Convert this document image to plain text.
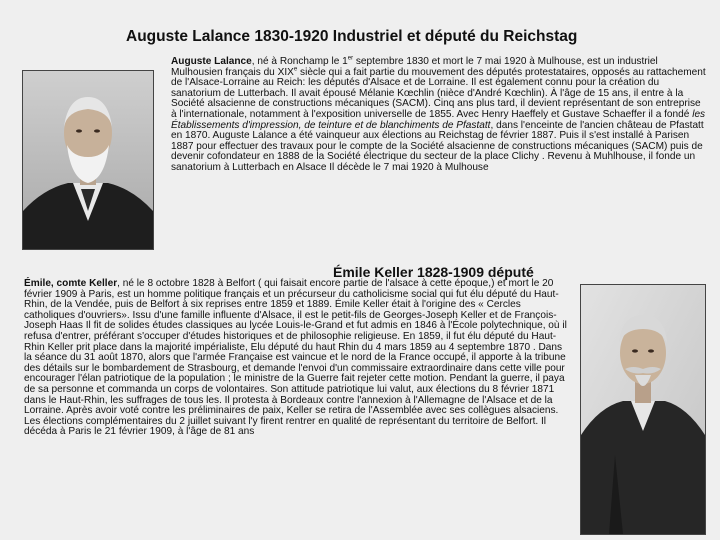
Auguste Lalance 1830-1920 Industriel et député du Reichstag

Auguste Lalance, né à Ronchamp le 1er septembre 1830 et mort le 7 mai 1920 à Mulhouse, est un industriel Mulhousien français du XIXe siècle qui a fait partie du mouvement des députés protestataires, opposés au rattachement de l'Alsace-Lorraine au Reich: les députés d'Alsace et de Lorraine. Il est également connu pour la création du sanatorium de Lutterbach. Il avait épousé Mélanie Kœchlin (nièce d'André Kœchlin). À l'âge de 15 ans, il entre à la Société alsacienne de constructions mécaniques (SACM). Cinq ans plus tard, il devient représentant de son entreprise à l'internationale, notamment à l'exposition universelle de 1855. Avec Henry Haeffely et Gustave Schaeffer il a fondé les Établissements d'impression, de teinture et de blanchiments de Pfastatt, dans l'enceinte de l'ancien château de Pfastatt en 1870. Auguste Lalance a été vainqueur aux élections au Reichstag de février 1887. Puis il s'est installé à Parisen 1887 pour effectuer des travaux pour le compte de la Société alsacienne de constructions mécaniques (SACM) puis de devenir cofondateur en 1888 de la Société électrique du secteur de la place Clichy . Revenu à Muhlhouse, il fonde un sanatorium à Lutterbach en Alsace Il décède le 7 mai 1920 à Mulhouse

Émile Keller 1828-1909 député

Émile, comte Keller, né le 8 octobre 1828 à Belfort ( qui faisait encore partie de l'alsace à cette époque,) et mort le 20 février 1909 à Paris, est un homme politique français et un précurseur du catholicisme social qui fut élu député du Haut-Rhin, de la Vendée, puis de Belfort à six reprises entre 1859 et 1889. Émile Keller était à l'origine des « Cercles catholiques d'ouvriers». Issu d'une famille influente d'Alsace, il est le petit-fils de Georges-Joseph Keller et de François-Joseph Haas Il fit de solides études classiques au lycée Louis-le-Grand et fut admis en 1846 à l'École polytechnique, où il refusa d'entrer, préférant s'occuper d'études historiques et de philosophie religieuse. En 1859, il fut élu député du Haut-Rhin Keller prit place dans la majorité impérialiste, Elu député du haut Rhin du 4 mars 1859 au 4 septembre 1870 . Dans la séance du 31 août 1870, alors que l'armée Française est vaincue et le nord de la France occupé, il apporte à la tribune des détails sur le bombardement de Strasbourg, et demande l'envoi d'un commissaire extraordinaire dans cette ville pour encourager l'élan patriotique de la population ; le ministre de la Guerre fait rejeter cette motion. Pendant la guerre, il paya de sa personne et commanda un corps de volontaires. Son attitude patriotique lui valut, aux élections du 8 février 1871 dans le Haut-Rhin, les suffrages de tous les. Il protesta à Bordeaux contre l'annexion à l'Allemagne de l'Alsace et de la Lorraine. Après avoir voté contre les préliminaires de paix, Keller se retira de l'Assemblée avec ses collègues alsaciens. Les élections complémentaires du 2 juillet suivant l'y firent rentrer en qualité de représentant du territoire de Belfort. Il décéda à Paris le 21 février 1909, à l'âge de 81 ans
